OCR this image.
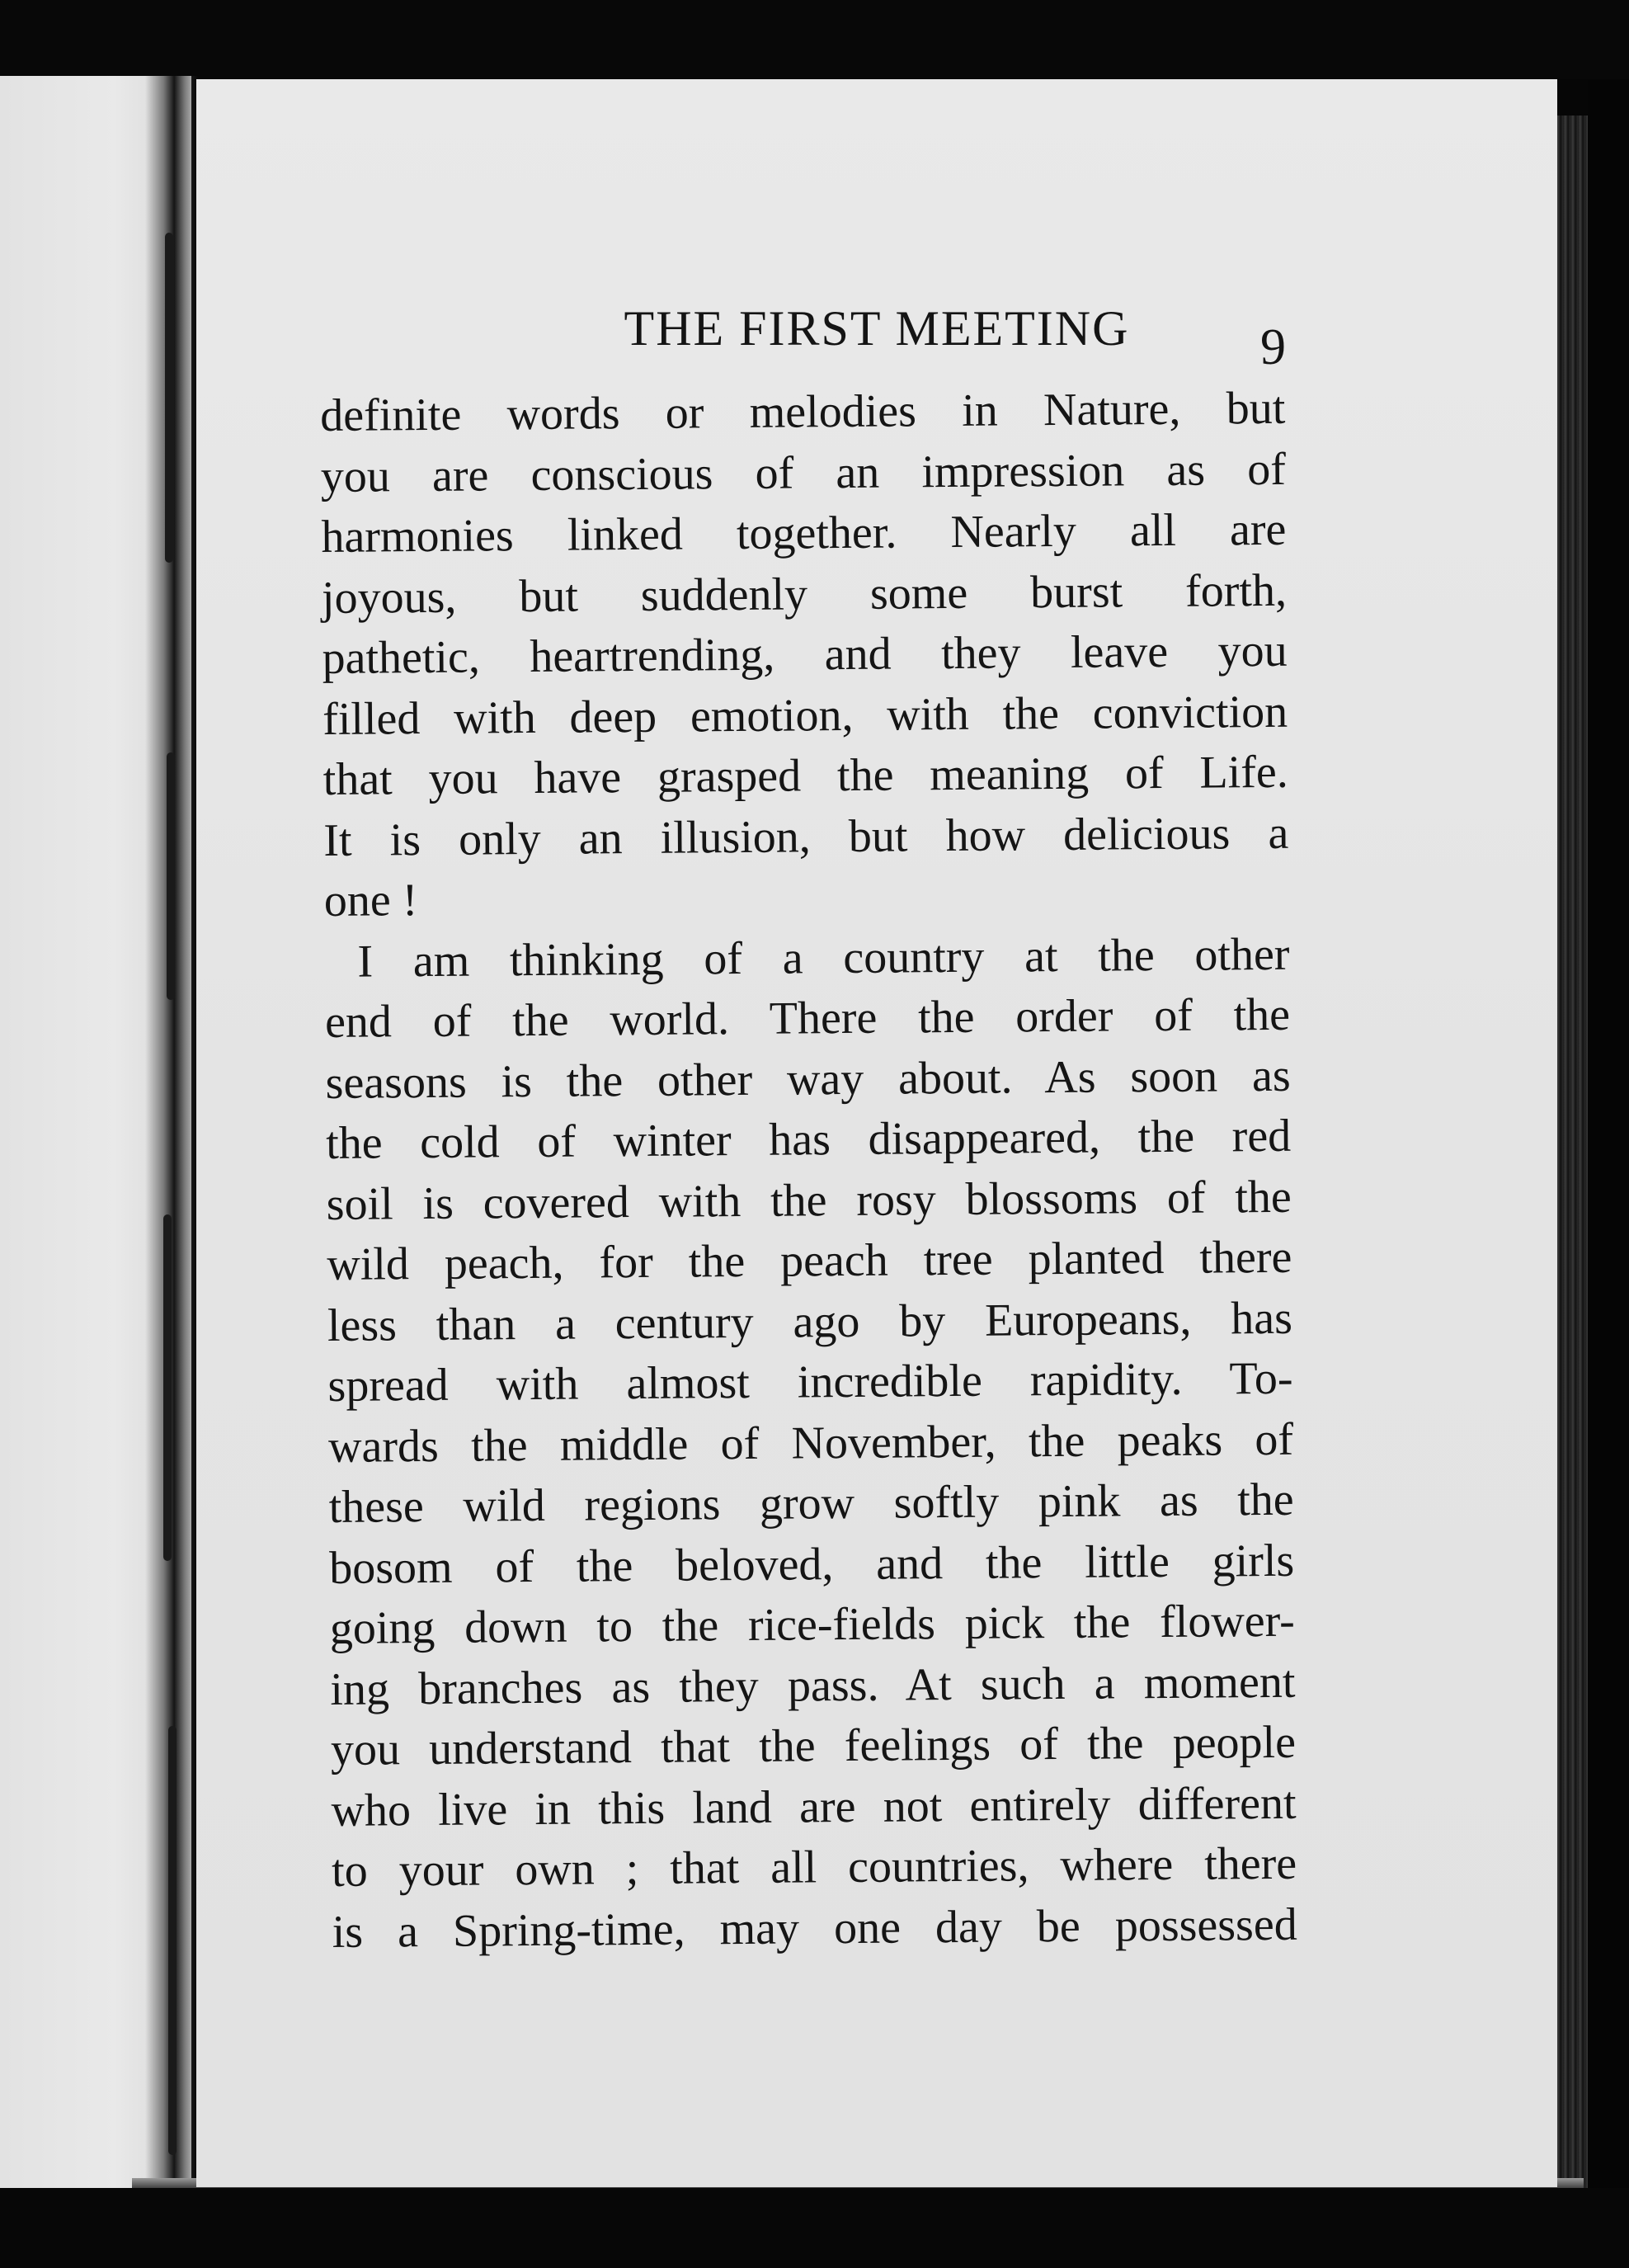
THE FIRST MEETING	9
definite words or melodies in Nature, but
you are conscious of an impression as of
harmonies linked together. Nearly all are
joyous, but suddenly some burst forth,
pathetic, heartrending, and they leave you
filled with deep emotion, with the conviction
that you have grasped the meaning of Life.
It is only an illusion, but how delicious a
one !
I am thinking of a country at the other
end of the world. There the order of the
seasons is the other way about. As soon as
the cold of winter has disappeared, the red
soil is covered with the rosy blossoms of the
wild peach, for the peach tree planted there
less than a century ago by Europeans, has
spread with almost incredible rapidity. To-
wards the middle of November, the peaks of
these wild regions grow softly pink as the
bosom of the beloved, and the little girls
going down to the rice-fields pick the flower-
ing branches as they pass. At such a moment
you understand that the feelings of the people
who live in this land are not entirely different
to your own ; that all countries, where there
is a Spring-time, may one day be possessed
